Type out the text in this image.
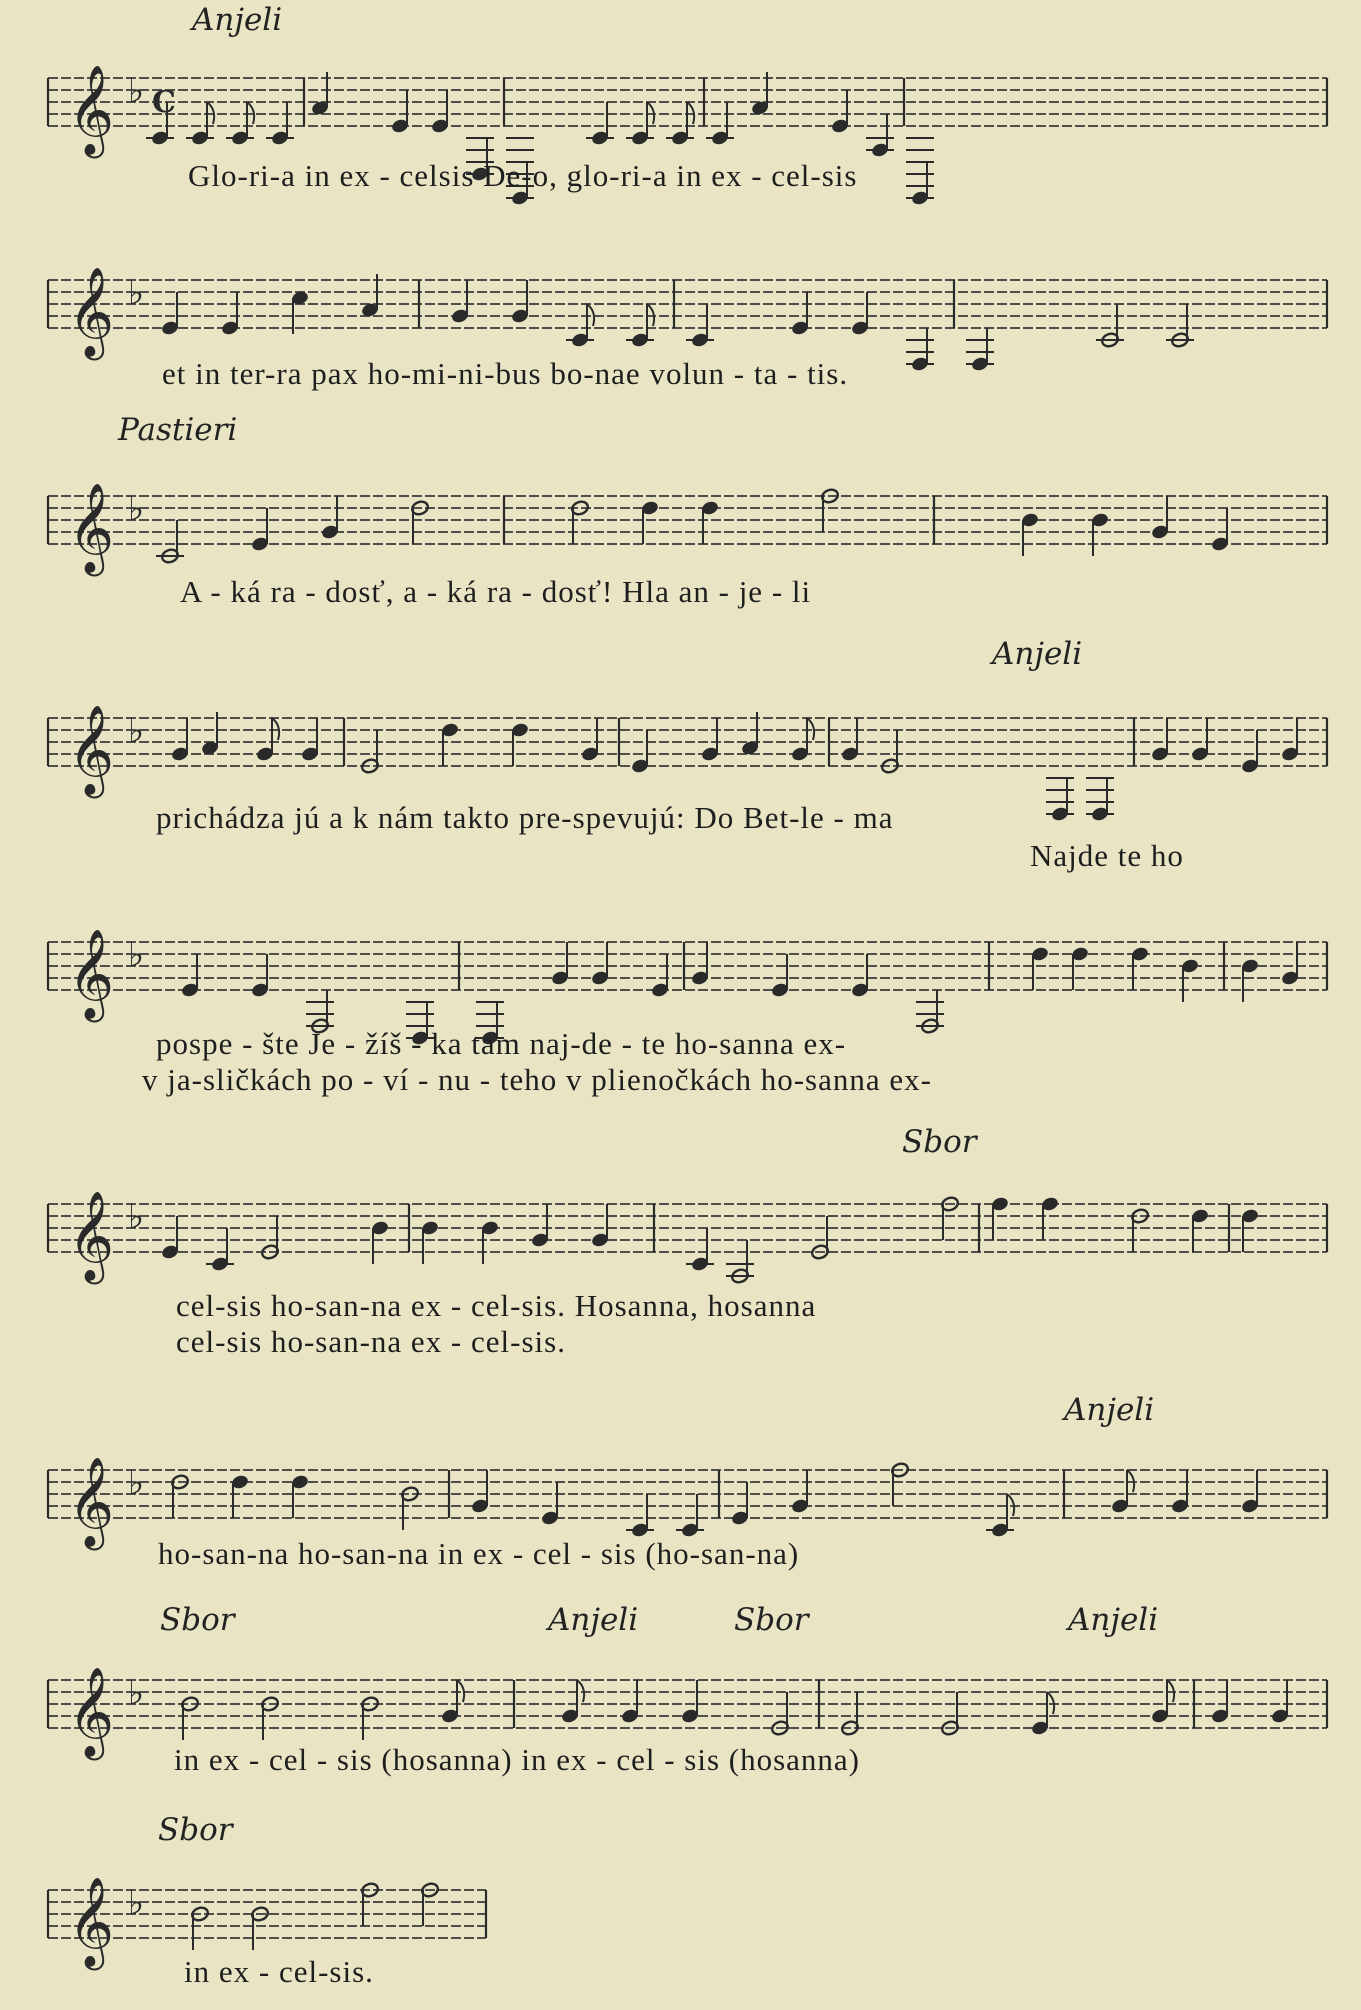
Anjeli
𝄞 ♭ C
Glo-ri-a in ex - celsis De-o, glo-ri-a in ex - cel-sis
𝄞 ♭
et in ter-ra pax ho-mi-ni-bus bo-nae volun - ta - tis.
Pastieri
𝄞 ♭
A - ká ra - dosť, a - ká ra - dosť! Hla an - je - li
Anjeli
𝄞 ♭
prichádza jú a k nám takto pre-spevujú: Do Bet-le - ma
Najde te ho
𝄞 ♭
pospe - šte Je - žíš - ka tam naj-de - te ho-sanna ex-
v ja-sličkách po - ví - nu - teho v plienočkách ho-sanna ex-
Sbor
𝄞 ♭
cel-sis ho-san-na ex - cel-sis. Hosanna, hosanna
cel-sis ho-san-na ex - cel-sis.
Anjeli
𝄞 ♭
ho-san-na ho-san-na in ex - cel - sis (ho-san-na)
Sbor	Anjeli	Sbor	Anjeli
𝄞 ♭
in ex - cel - sis (hosanna) in ex - cel - sis (hosanna)
Sbor
𝄞 ♭
in ex - cel-sis.
